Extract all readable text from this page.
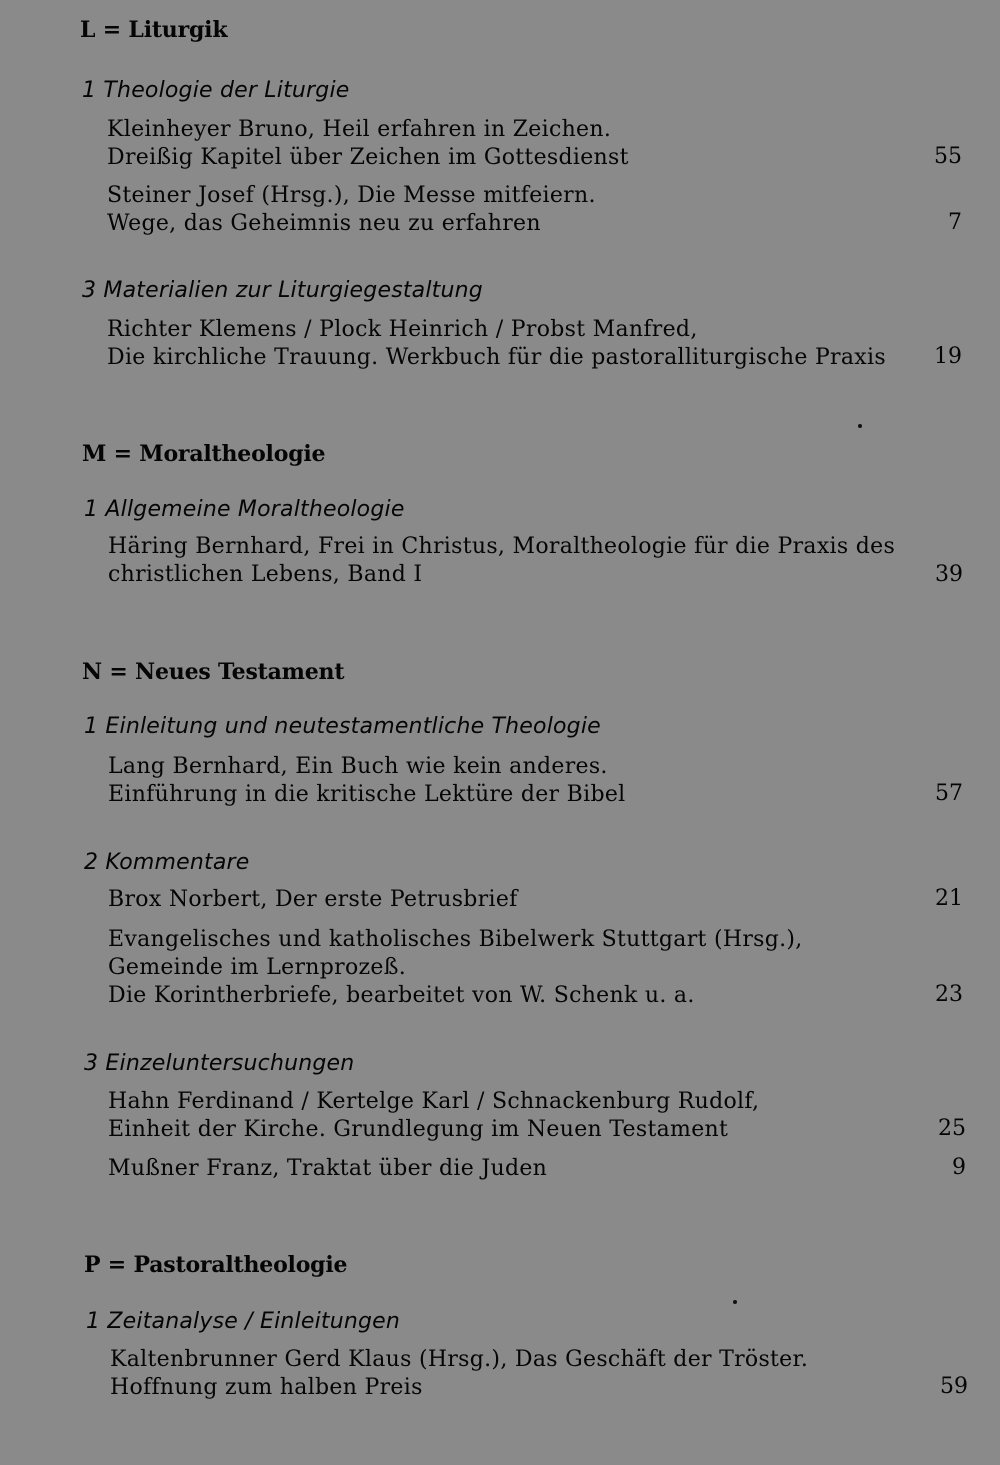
L = Liturgik
1 Theologie der Liturgie
Kleinheyer Bruno, Heil erfahren in Zeichen.
Dreißig Kapitel über Zeichen im Gottesdienst	55
Steiner Josef (Hrsg.), Die Messe mitfeiern.
Wege, das Geheimnis neu zu erfahren	7
3 Materialien zur Liturgiegestaltung
Richter Klemens / Plock Heinrich / Probst Manfred,
Die kirchliche Trauung. Werkbuch für die pastoralliturgische Praxis	19
M = Moraltheologie
1 Allgemeine Moraltheologie
Häring Bernhard, Frei in Christus, Moraltheologie für die Praxis des
christlichen Lebens, Band I	39
N = Neues Testament
1 Einleitung und neutestamentliche Theologie
Lang Bernhard, Ein Buch wie kein anderes.
Einführung in die kritische Lektüre der Bibel	57
2 Kommentare
Brox Norbert, Der erste Petrusbrief	21
Evangelisches und katholisches Bibelwerk Stuttgart (Hrsg.),
Gemeinde im Lernprozeß.
Die Korintherbriefe, bearbeitet von W. Schenk u. a.	23
3 Einzeluntersuchungen
Hahn Ferdinand / Kertelge Karl / Schnackenburg Rudolf,
Einheit der Kirche. Grundlegung im Neuen Testament	25
Mußner Franz, Traktat über die Juden	9
P = Pastoraltheologie
1 Zeitanalyse / Einleitungen
Kaltenbrunner Gerd Klaus (Hrsg.), Das Geschäft der Tröster.
Hoffnung zum halben Preis	59
